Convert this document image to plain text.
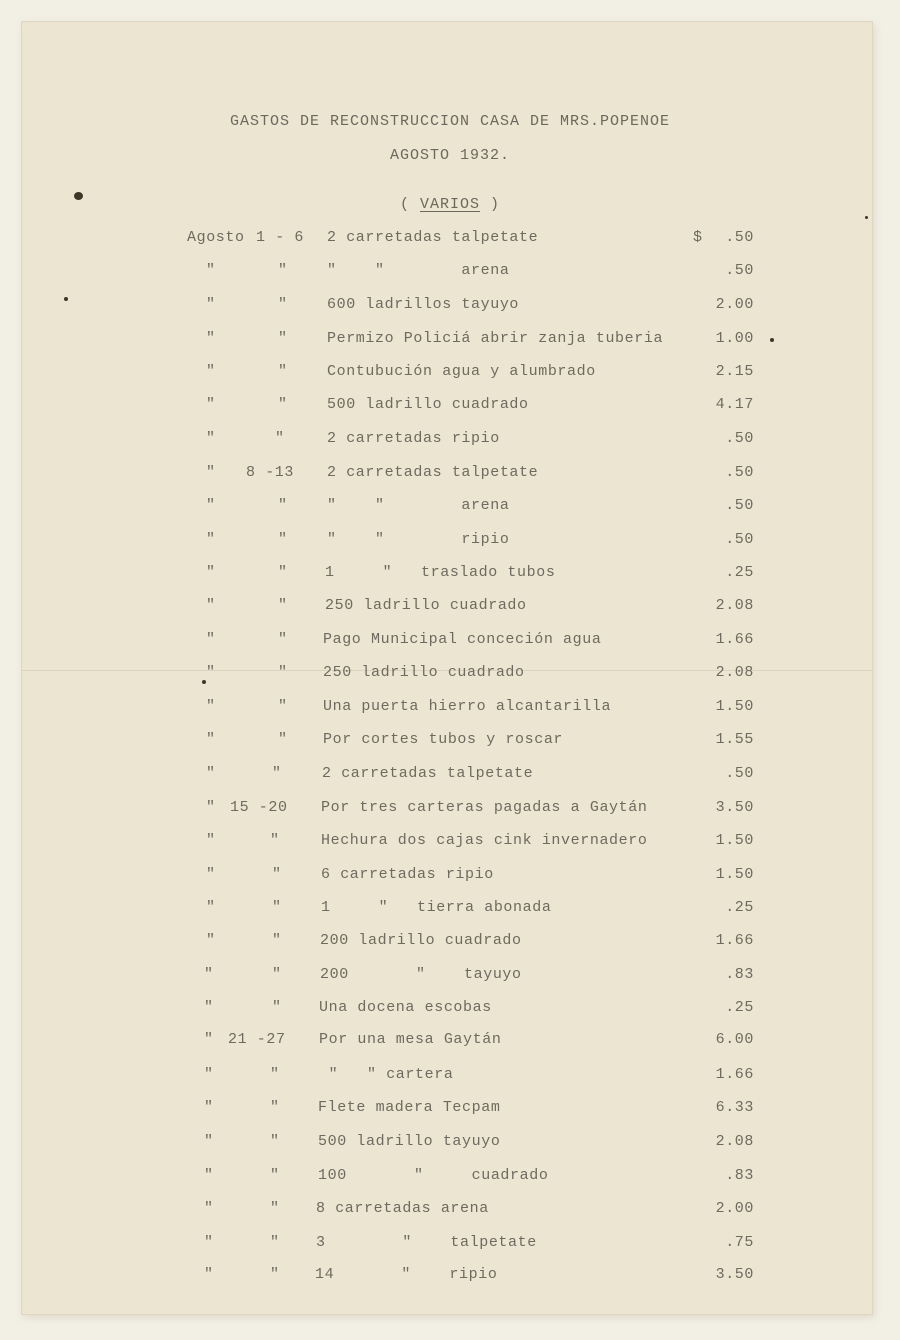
GASTOS DE RECONSTRUCCION CASA DE MRS.POPENOE
AGOSTO 1932.
( VARIOS )
Agosto 1 - 6	2 carretadas talpetate	.50
"	"	"    "        arena	.50
"	"	600 ladrillos tayuyo	2.00
"	"	Permizo Policiá abrir zanja tuberia	1.00
"	"	Contubución agua y alumbrado	2.15
"	"	500 ladrillo cuadrado	4.17
"	"	2 carretadas ripio	.50
"	8 -13	2 carretadas talpetate	.50
"	"	"    "        arena	.50
"	"	"    "        ripio	.50
"	"	1     "   traslado tubos	.25
"	"	250 ladrillo cuadrado	2.08
"	"	Pago Municipal conceción agua	1.66
"	"	250 ladrillo cuadrado	2.08
"	"	Una puerta hierro alcantarilla	1.50
"	"	Por cortes tubos y roscar	1.55
"	"	2 carretadas talpetate	.50
" 15 -20	Por tres carteras pagadas a Gaytán	3.50
"	"	Hechura dos cajas cink invernadero	1.50
"	"	6 carretadas ripio	1.50
"	"	1     "   tierra abonada	.25
"	"	200 ladrillo cuadrado	1.66
"	"	200       "    tayuyo	.83
"	"	Una docena escobas	.25
" 21 -27	Por una mesa Gaytán	6.00
"	"	"   " cartera	1.66
"	"	Flete madera Tecpam	6.33
"	"	500 ladrillo tayuyo	2.08
"	"	100       "     cuadrado	.83
"	"	8 carretadas arena	2.00
"	"	3        "    talpetate	.75
"	"	14       "    ripio	3.50
$
